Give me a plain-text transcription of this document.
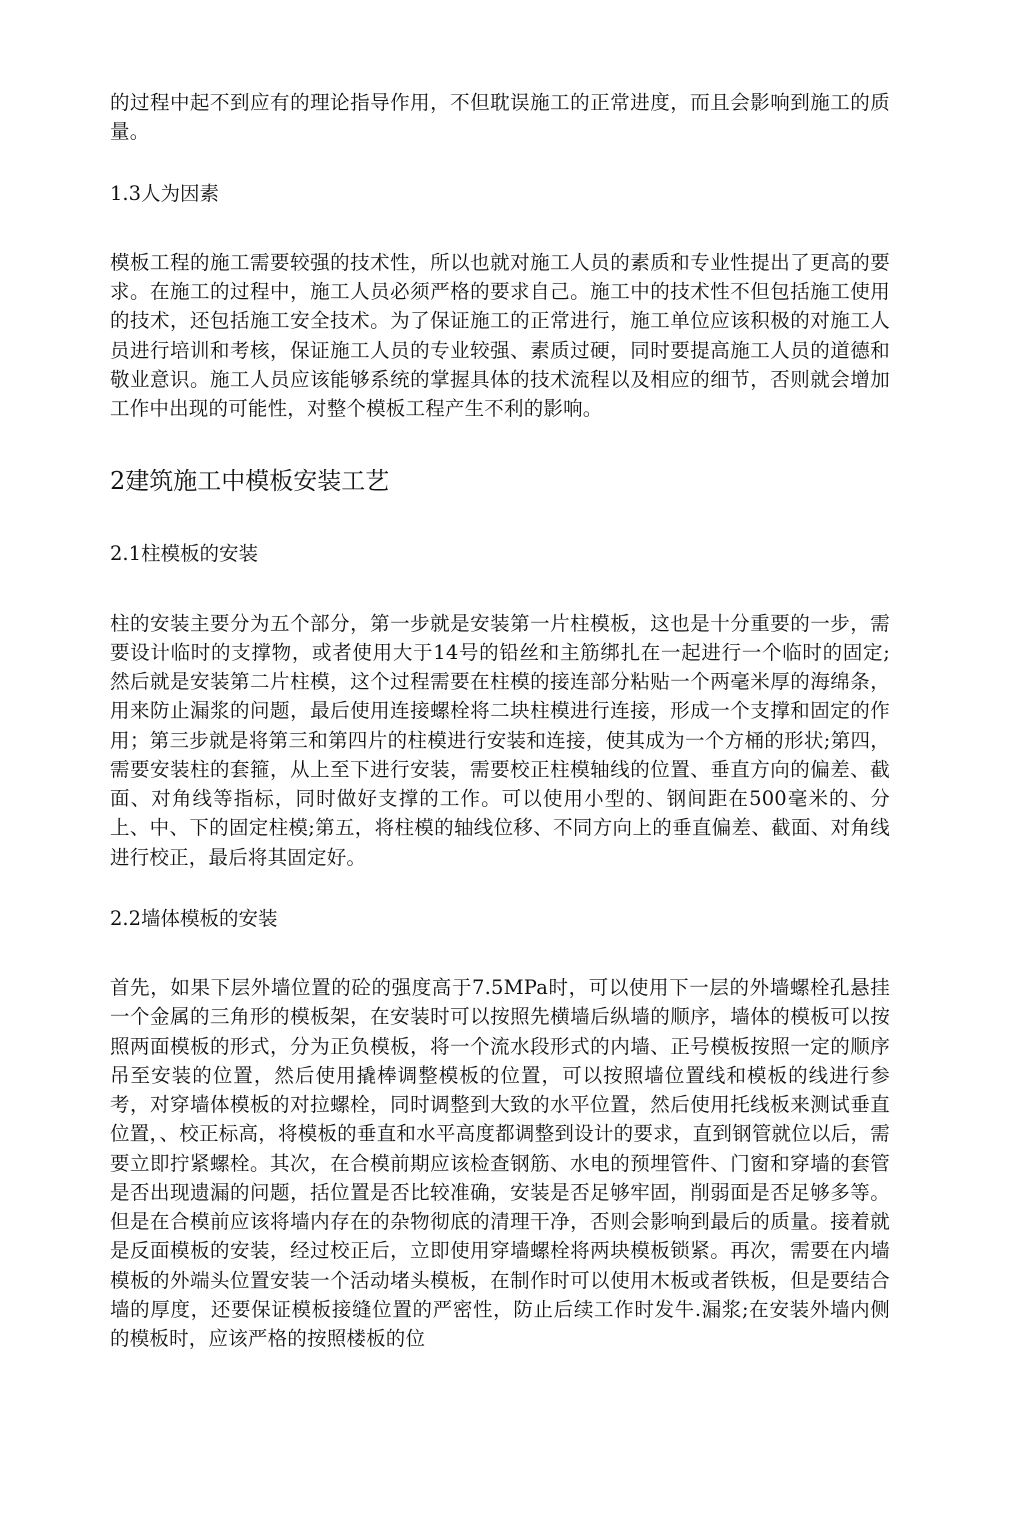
的过程中起不到应有的理论指导作用，不但耽误施工的正常进度，而且会影响到施工的质量。

1.3人为因素

模板工程的施工需要较强的技术性，所以也就对施工人员的素质和专业性提出了更高的要求。在施工的过程中，施工人员必须严格的要求自己。施工中的技术性不但包括施工使用的技术，还包括施工安全技术。为了保证施工的正常进行，施工单位应该积极的对施工人员进行培训和考核，保证施工人员的专业较强、素质过硬，同时要提高施工人员的道德和敬业意识。施工人员应该能够系统的掌握具体的技术流程以及相应的细节，否则就会增加工作中出现的可能性，对整个模板工程产生不利的影响。

2建筑施工中模板安装工艺

2.1柱模板的安装

柱的安装主要分为五个部分，第一步就是安装第一片柱模板，这也是十分重要的一步，需要设计临时的支撑物，或者使用大于14号的铅丝和主筋绑扎在一起进行一个临时的固定;然后就是安装第二片柱模，这个过程需要在柱模的接连部分粘贴一个两毫米厚的海绵条，用来防止漏浆的问题，最后使用连接螺栓将二块柱模进行连接，形成一个支撑和固定的作用；第三步就是将第三和第四片的柱模进行安装和连接，使其成为一个方桶的形状;第四，需要安装柱的套箍，从上至下进行安装，需要校正柱模轴线的位置、垂直方向的偏差、截面、对角线等指标，同时做好支撑的工作。可以使用小型的、钢间距在500毫米的、分上、中、下的固定柱模;第五，将柱模的轴线位移、不同方向上的垂直偏差、截面、对角线进行校正，最后将其固定好。

2.2墙体模板的安装

首先，如果下层外墙位置的砼的强度高于7.5MPa时，可以使用下一层的外墙螺栓孔悬挂一个金属的三角形的模板架，在安装时可以按照先横墙后纵墙的顺序，墙体的模板可以按照两面模板的形式，分为正负模板，将一个流水段形式的内墙、正号模板按照一定的顺序吊至安装的位置，然后使用撬棒调整模板的位置，可以按照墙位置线和模板的线进行参考，对穿墙体模板的对拉螺栓，同时调整到大致的水平位置，然后使用托线板来测试垂直位置，、校正标高，将模板的垂直和水平高度都调整到设计的要求，直到钢管就位以后，需要立即拧紧螺栓。其次，在合模前期应该检查钢筋、水电的预埋管件、门窗和穿墙的套管是否出现遗漏的问题，括位置是否比较准确，安装是否足够牢固，削弱面是否足够多等。但是在合模前应该将墙内存在的杂物彻底的清理干净，否则会影响到最后的质量。接着就是反面模板的安装，经过校正后，立即使用穿墙螺栓将两块模板锁紧。再次，需要在内墙模板的外端头位置安装一个活动堵头模板，在制作时可以使用木板或者铁板，但是要结合墙的厚度，还要保证模板接缝位置的严密性，防止后续工作时发牛.漏浆;在安装外墙内侧的模板时，应该严格的按照楼板的位
